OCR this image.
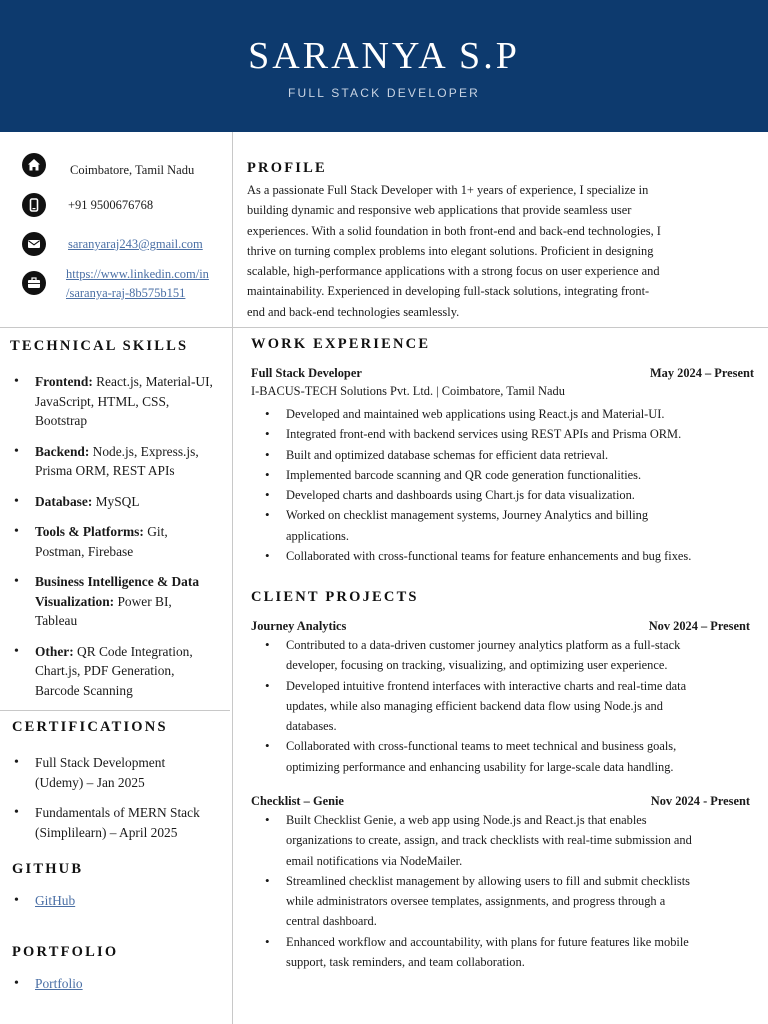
SARANYA S.P
FULL STACK DEVELOPER
Coimbatore, Tamil Nadu
+91 9500676768
saranyaraj243@gmail.com
https://www.linkedin.com/in
/saranya-raj-8b575b151
PROFILE
As a passionate Full Stack Developer with 1+ years of experience, I specialize in
building dynamic and responsive web applications that provide seamless user
experiences. With a solid foundation in both front-end and back-end technologies, I
thrive on turning complex problems into elegant solutions. Proficient in designing
scalable, high-performance applications with a strong focus on user experience and
maintainability. Experienced in developing full-stack solutions, integrating front-
end and back-end technologies seamlessly.
TECHNICAL SKILLS
• Frontend: React.js, Material-UI,
JavaScript, HTML, CSS,
Bootstrap
• Backend: Node.js, Express.js,
Prisma ORM, REST APIs
• Database: MySQL
• Tools & Platforms: Git,
Postman, Firebase
• Business Intelligence & Data
Visualization: Power BI,
Tableau
• Other: QR Code Integration,
Chart.js, PDF Generation,
Barcode Scanning
CERTIFICATIONS
• Full Stack Development
(Udemy) – Jan 2025
• Fundamentals of MERN Stack
(Simplilearn) – April 2025
GITHUB
• GitHub
PORTFOLIO
• Portfolio
WORK EXPERIENCE
Full Stack Developer	May 2024 – Present
I-BACUS-TECH Solutions Pvt. Ltd. | Coimbatore, Tamil Nadu
• Developed and maintained web applications using React.js and Material-UI.
• Integrated front-end with backend services using REST APIs and Prisma ORM.
• Built and optimized database schemas for efficient data retrieval.
• Implemented barcode scanning and QR code generation functionalities.
• Developed charts and dashboards using Chart.js for data visualization.
• Worked on checklist management systems, Journey Analytics and billing
applications.
• Collaborated with cross-functional teams for feature enhancements and bug fixes.
CLIENT PROJECTS
Journey Analytics	Nov 2024 – Present
• Contributed to a data-driven customer journey analytics platform as a full-stack
developer, focusing on tracking, visualizing, and optimizing user experience.
• Developed intuitive frontend interfaces with interactive charts and real-time data
updates, while also managing efficient backend data flow using Node.js and
databases.
• Collaborated with cross-functional teams to meet technical and business goals,
optimizing performance and enhancing usability for large-scale data handling.
Checklist – Genie	Nov 2024 - Present
• Built Checklist Genie, a web app using Node.js and React.js that enables
organizations to create, assign, and track checklists with real-time submission and
email notifications via NodeMailer.
• Streamlined checklist management by allowing users to fill and submit checklists
while administrators oversee templates, assignments, and progress through a
central dashboard.
• Enhanced workflow and accountability, with plans for future features like mobile
support, task reminders, and team collaboration.
